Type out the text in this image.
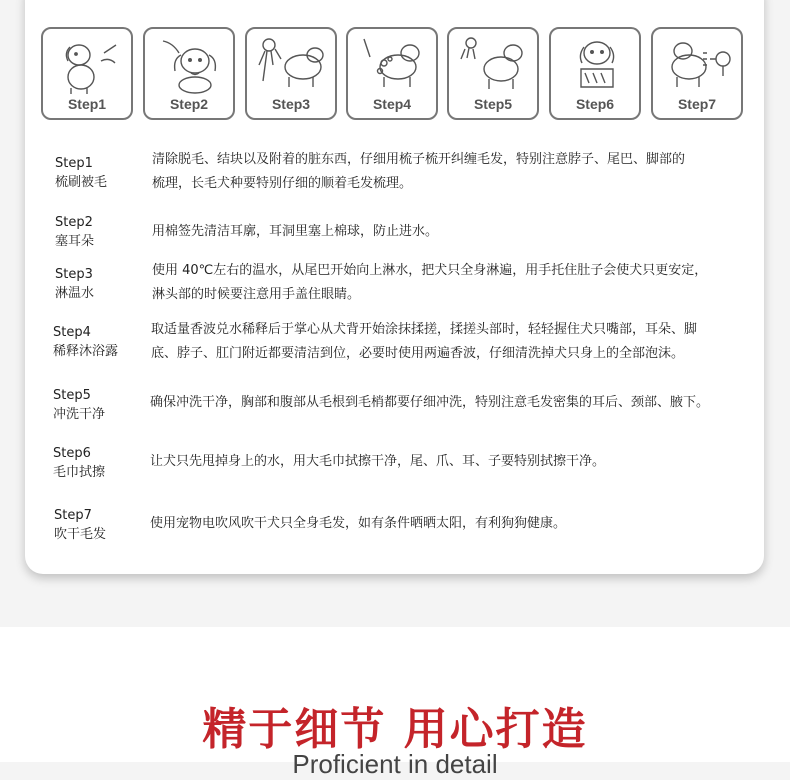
Step1	Step2	Step3	Step4	Step5	Step6	Step7
Step1
梳刷被毛
清除脱毛、结块以及附着的脏东西，仔细用梳子梳开纠缠毛发，特别注意脖子、尾巴、脚部的
梳理，长毛犬种要特别仔细的顺着毛发梳理。
Step2
塞耳朵
用棉签先清洁耳廓，耳洞里塞上棉球，防止进水。
Step3
淋温水
使用 40℃左右的温水，从尾巴开始向上淋水，把犬只全身淋遍，用手托住肚子会使犬只更安定，
淋头部的时候要注意用手盖住眼睛。
Step4
稀释沐浴露
取适量香波兑水稀释后于掌心从犬背开始涂抹揉搓，揉搓头部时，轻轻握住犬只嘴部，耳朵、脚
底、脖子、肛门附近都要清洁到位，必要时使用两遍香波，仔细清洗掉犬只身上的全部泡沫。
Step5
冲洗干净
确保冲洗干净，胸部和腹部从毛根到毛梢都要仔细冲洗，特别注意毛发密集的耳后、颈部、腋下。
Step6
毛巾拭擦
让犬只先甩掉身上的水，用大毛巾拭擦干净，尾、爪、耳、子要特别拭擦干净。
Step7
吹干毛发
使用宠物电吹风吹干犬只全身毛发，如有条件晒晒太阳，有利狗狗健康。
精于细节 用心打造
Proficient in detail
